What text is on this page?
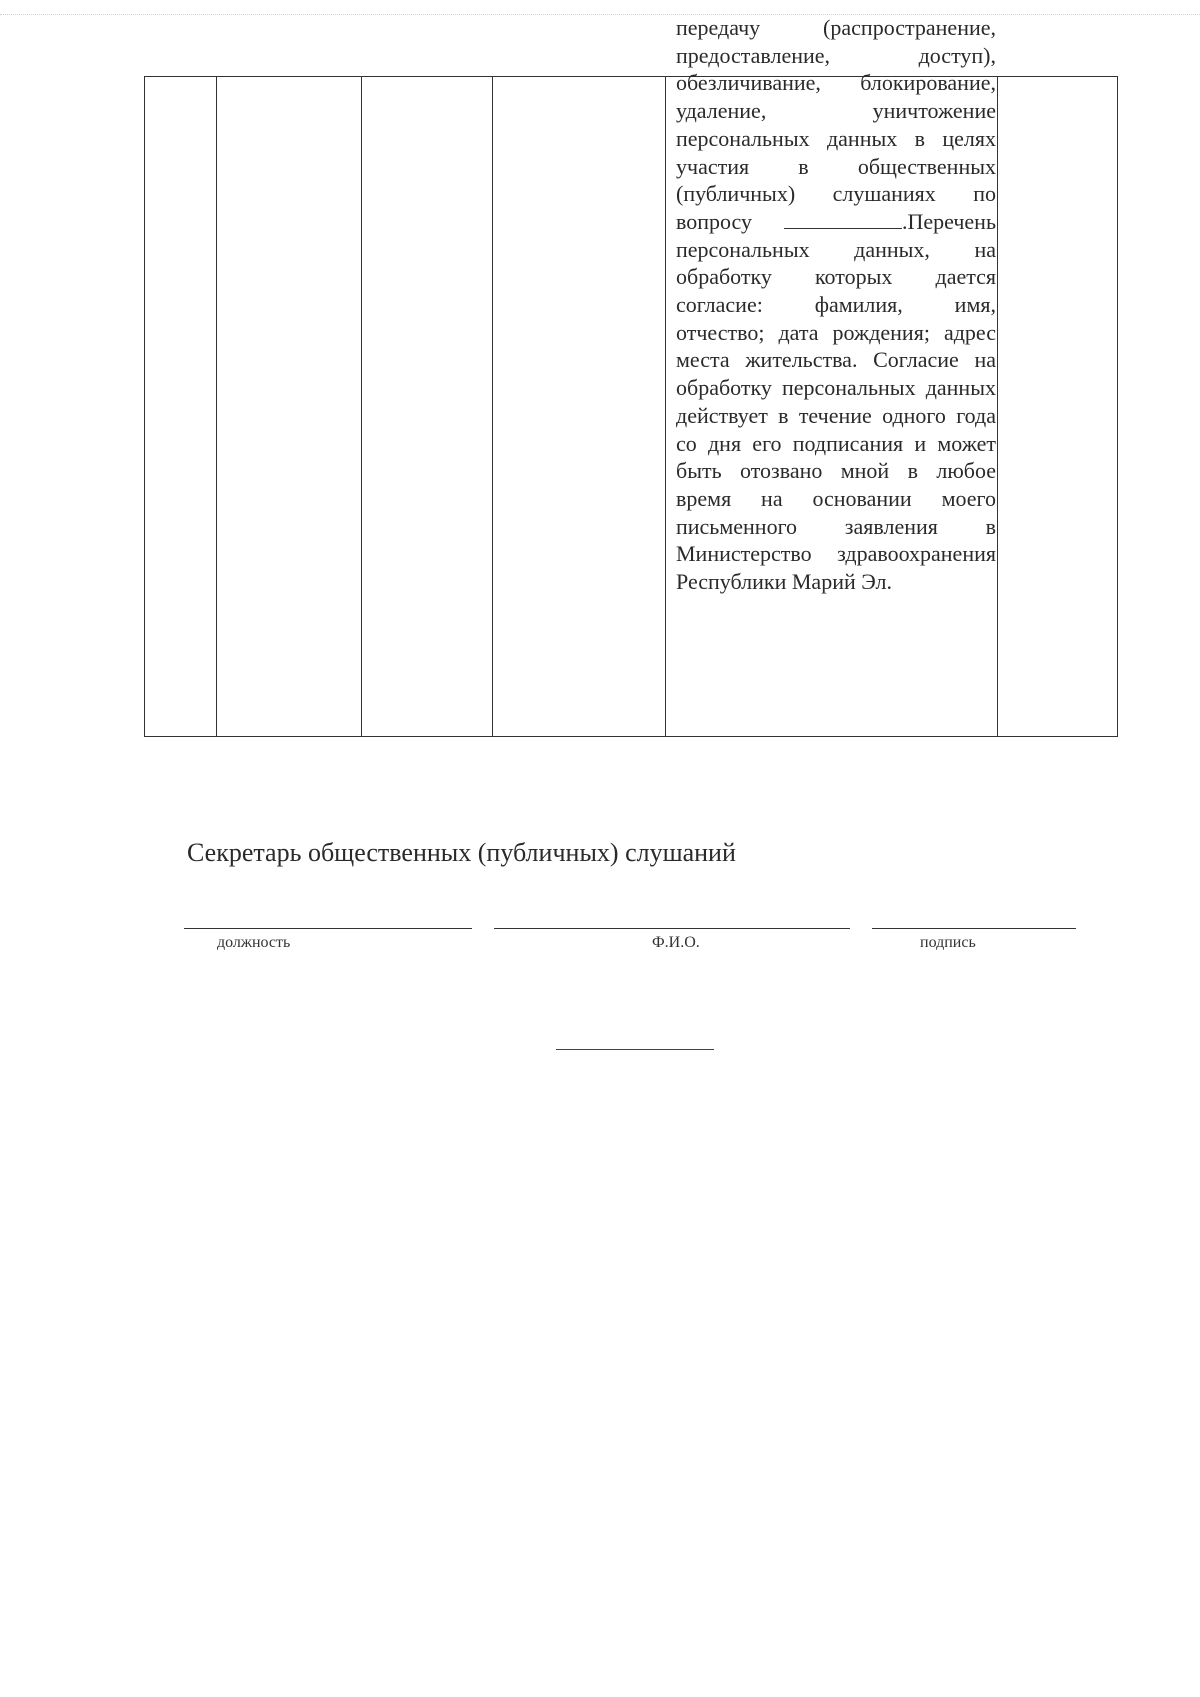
передачу (распространение, предоставление, доступ), обезличивание, блокирование, удаление, уничтожение персональных данных в целях участия в общественных (публичных) слушаниях по вопросу	.Перечень персональных данных, на обработку которых дается согласие: фамилия, имя, отчество; дата рождения; адрес места жительства. Согласие на обработку персональных данных действует в течение одного года со дня его подписания и может быть отозвано мной в любое время на основании моего письменного заявления в Министерство здравоохранения Республики Марий Эл.
Секретарь общественных (публичных) слушаний
должность	Ф.И.О.	подпись
